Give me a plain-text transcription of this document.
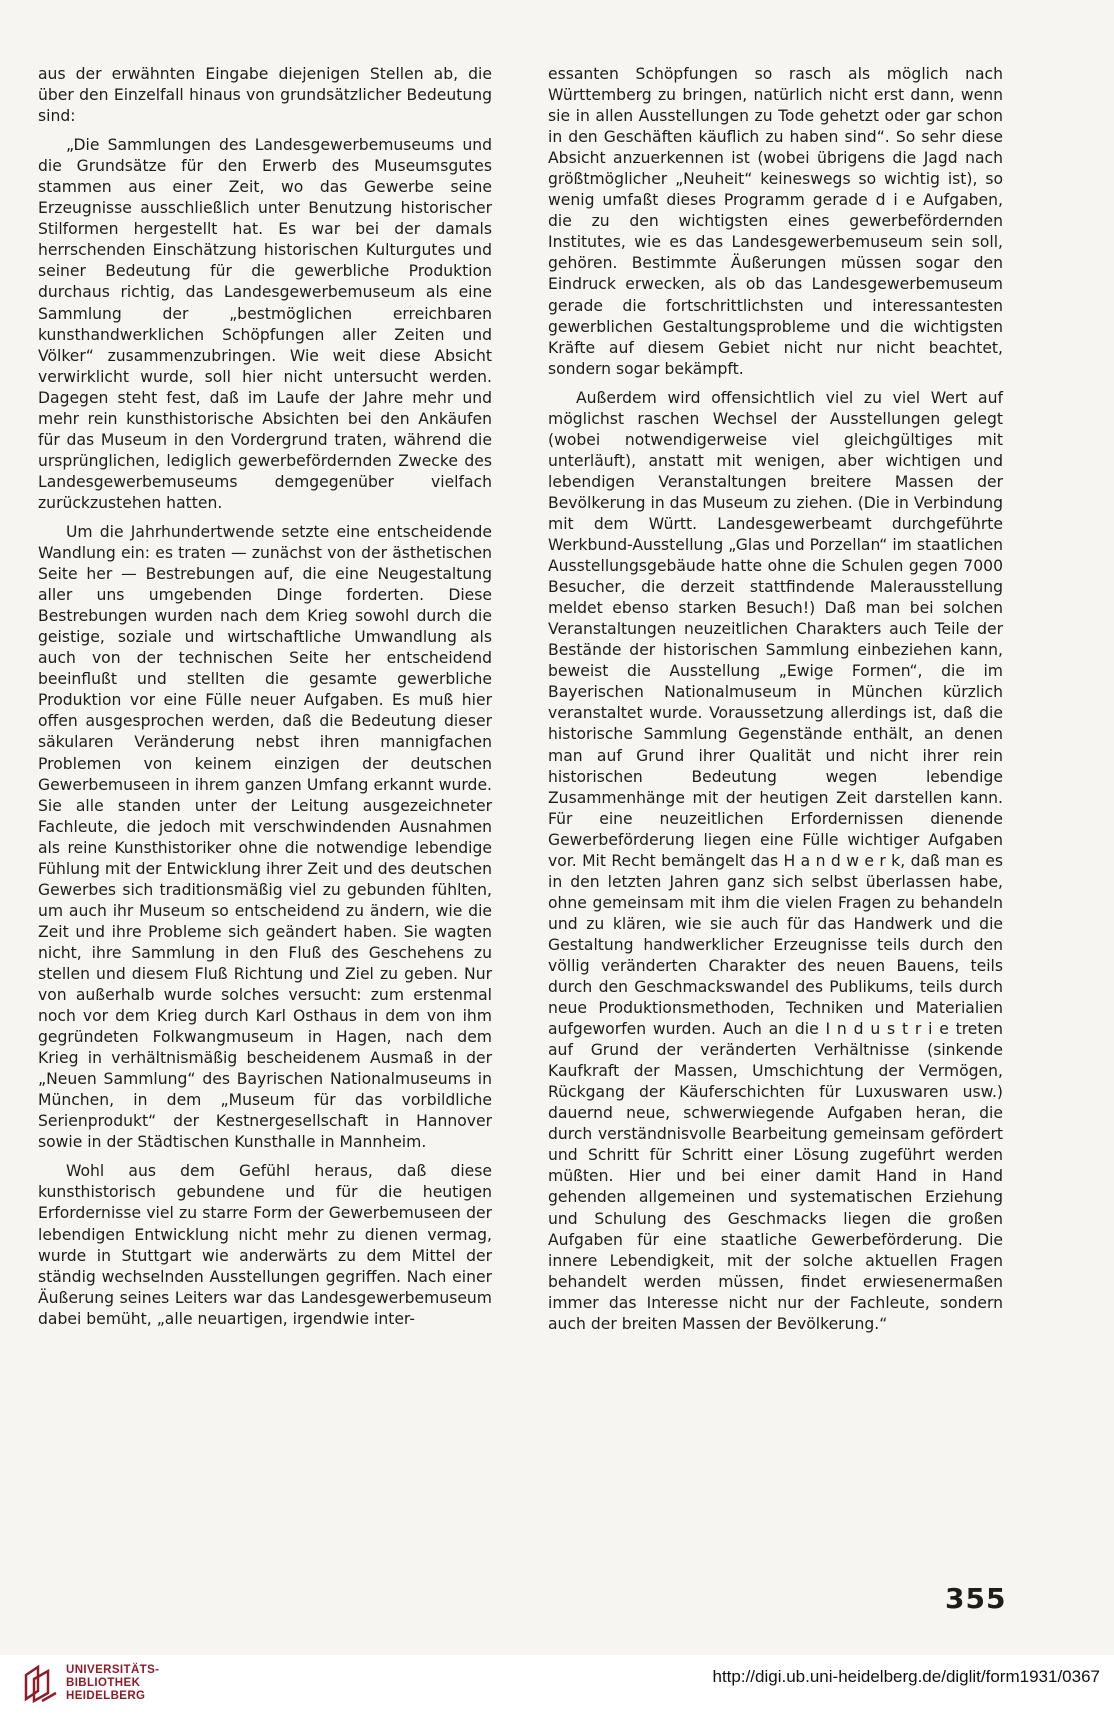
aus der erwähnten Eingabe diejenigen Stellen ab, die über den Einzelfall hinaus von grundsätzlicher Bedeutung sind:

„Die Sammlungen des Landesgewerbemuseums und die Grundsätze für den Erwerb des Museumsgutes stammen aus einer Zeit, wo das Gewerbe seine Erzeugnisse ausschließlich unter Benutzung historischer Stilformen hergestellt hat. Es war bei der damals herrschenden Einschätzung historischen Kulturgutes und seiner Bedeutung für die gewerbliche Produktion durchaus richtig, das Landesgewerbemuseum als eine Sammlung der „bestmöglichen erreichbaren kunsthandwerklichen Schöpfungen aller Zeiten und Völker“ zusammenzubringen. Wie weit diese Absicht verwirklicht wurde, soll hier nicht untersucht werden. Dagegen steht fest, daß im Laufe der Jahre mehr und mehr rein kunsthistorische Absichten bei den Ankäufen für das Museum in den Vordergrund traten, während die ursprünglichen, lediglich gewerbefördernden Zwecke des Landesgewerbemuseums demgegenüber vielfach zurückzustehen hatten.

Um die Jahrhundertwende setzte eine entscheidende Wandlung ein: es traten — zunächst von der ästhetischen Seite her — Bestrebungen auf, die eine Neugestaltung aller uns umgebenden Dinge forderten. Diese Bestrebungen wurden nach dem Krieg sowohl durch die geistige, soziale und wirtschaftliche Umwandlung als auch von der technischen Seite her entscheidend beeinflußt und stellten die gesamte gewerbliche Produktion vor eine Fülle neuer Aufgaben. Es muß hier offen ausgesprochen werden, daß die Bedeutung dieser säkularen Veränderung nebst ihren mannigfachen Problemen von keinem einzigen der deutschen Gewerbemuseen in ihrem ganzen Umfang erkannt wurde. Sie alle standen unter der Leitung ausgezeichneter Fachleute, die jedoch mit verschwindenden Ausnahmen als reine Kunsthistoriker ohne die notwendige lebendige Fühlung mit der Entwicklung ihrer Zeit und des deutschen Gewerbes sich traditionsmäßig viel zu gebunden fühlten, um auch ihr Museum so entscheidend zu ändern, wie die Zeit und ihre Probleme sich geändert haben. Sie wagten nicht, ihre Sammlung in den Fluß des Geschehens zu stellen und diesem Fluß Richtung und Ziel zu geben. Nur von außerhalb wurde solches versucht: zum erstenmal noch vor dem Krieg durch Karl Osthaus in dem von ihm gegründeten Folkwangmuseum in Hagen, nach dem Krieg in verhältnismäßig bescheidenem Ausmaß in der „Neuen Sammlung“ des Bayrischen Nationalmuseums in München, in dem „Museum für das vorbildliche Serienprodukt“ der Kestnergesellschaft in Hannover sowie in der Städtischen Kunsthalle in Mannheim.

Wohl aus dem Gefühl heraus, daß diese kunsthistorisch gebundene und für die heutigen Erfordernisse viel zu starre Form der Gewerbemuseen der lebendigen Entwicklung nicht mehr zu dienen vermag, wurde in Stuttgart wie anderwärts zu dem Mittel der ständig wechselnden Ausstellungen gegriffen. Nach einer Äußerung seines Leiters war das Landesgewerbemuseum dabei bemüht, „alle neuartigen, irgendwie inter-

essanten Schöpfungen so rasch als möglich nach Württemberg zu bringen, natürlich nicht erst dann, wenn sie in allen Ausstellungen zu Tode gehetzt oder gar schon in den Geschäften käuflich zu haben sind“. So sehr diese Absicht anzuerkennen ist (wobei übrigens die Jagd nach größtmöglicher „Neuheit“ keineswegs so wichtig ist), so wenig umfaßt dieses Programm gerade d i e Aufgaben, die zu den wichtigsten eines gewerbefördernden Institutes, wie es das Landesgewerbemuseum sein soll, gehören. Bestimmte Äußerungen müssen sogar den Eindruck erwecken, als ob das Landesgewerbemuseum gerade die fortschrittlichsten und interessantesten gewerblichen Gestaltungsprobleme und die wichtigsten Kräfte auf diesem Gebiet nicht nur nicht beachtet, sondern sogar bekämpft.

Außerdem wird offensichtlich viel zu viel Wert auf möglichst raschen Wechsel der Ausstellungen gelegt (wobei notwendigerweise viel gleichgültiges mit unterläuft), anstatt mit wenigen, aber wichtigen und lebendigen Veranstaltungen breitere Massen der Bevölkerung in das Museum zu ziehen. (Die in Verbindung mit dem Württ. Landesgewerbeamt durchgeführte Werkbund-Ausstellung „Glas und Porzellan“ im staatlichen Ausstellungsgebäude hatte ohne die Schulen gegen 7000 Besucher, die derzeit stattfindende Malerausstellung meldet ebenso starken Besuch!) Daß man bei solchen Veranstaltungen neuzeitlichen Charakters auch Teile der Bestände der historischen Sammlung einbeziehen kann, beweist die Ausstellung „Ewige Formen“, die im Bayerischen Nationalmuseum in München kürzlich veranstaltet wurde. Voraussetzung allerdings ist, daß die historische Sammlung Gegenstände enthält, an denen man auf Grund ihrer Qualität und nicht ihrer rein historischen Bedeutung wegen lebendige Zusammenhänge mit der heutigen Zeit darstellen kann. Für eine neuzeitlichen Erfordernissen dienende Gewerbeförderung liegen eine Fülle wichtiger Aufgaben vor. Mit Recht bemängelt das H a n d w e r k, daß man es in den letzten Jahren ganz sich selbst überlassen habe, ohne gemeinsam mit ihm die vielen Fragen zu behandeln und zu klären, wie sie auch für das Handwerk und die Gestaltung handwerklicher Erzeugnisse teils durch den völlig veränderten Charakter des neuen Bauens, teils durch den Geschmackswandel des Publikums, teils durch neue Produktionsmethoden, Techniken und Materialien aufgeworfen wurden. Auch an die I n d u s t r i e treten auf Grund der veränderten Verhältnisse (sinkende Kaufkraft der Massen, Umschichtung der Vermögen, Rückgang der Käuferschichten für Luxuswaren usw.) dauernd neue, schwerwiegende Aufgaben heran, die durch verständnisvolle Bearbeitung gemeinsam gefördert und Schritt für Schritt einer Lösung zugeführt werden müßten. Hier und bei einer damit Hand in Hand gehenden allgemeinen und systematischen Erziehung und Schulung des Geschmacks liegen die großen Aufgaben für eine staatliche Gewerbeförderung. Die innere Lebendigkeit, mit der solche aktuellen Fragen behandelt werden müssen, findet erwiesenermaßen immer das Interesse nicht nur der Fachleute, sondern auch der breiten Massen der Bevölkerung.“

355
UNIVERSITÄTS-
BIBLIOTHEK
HEIDELBERG
http://digi.ub.uni-heidelberg.de/diglit/form1931/0367
